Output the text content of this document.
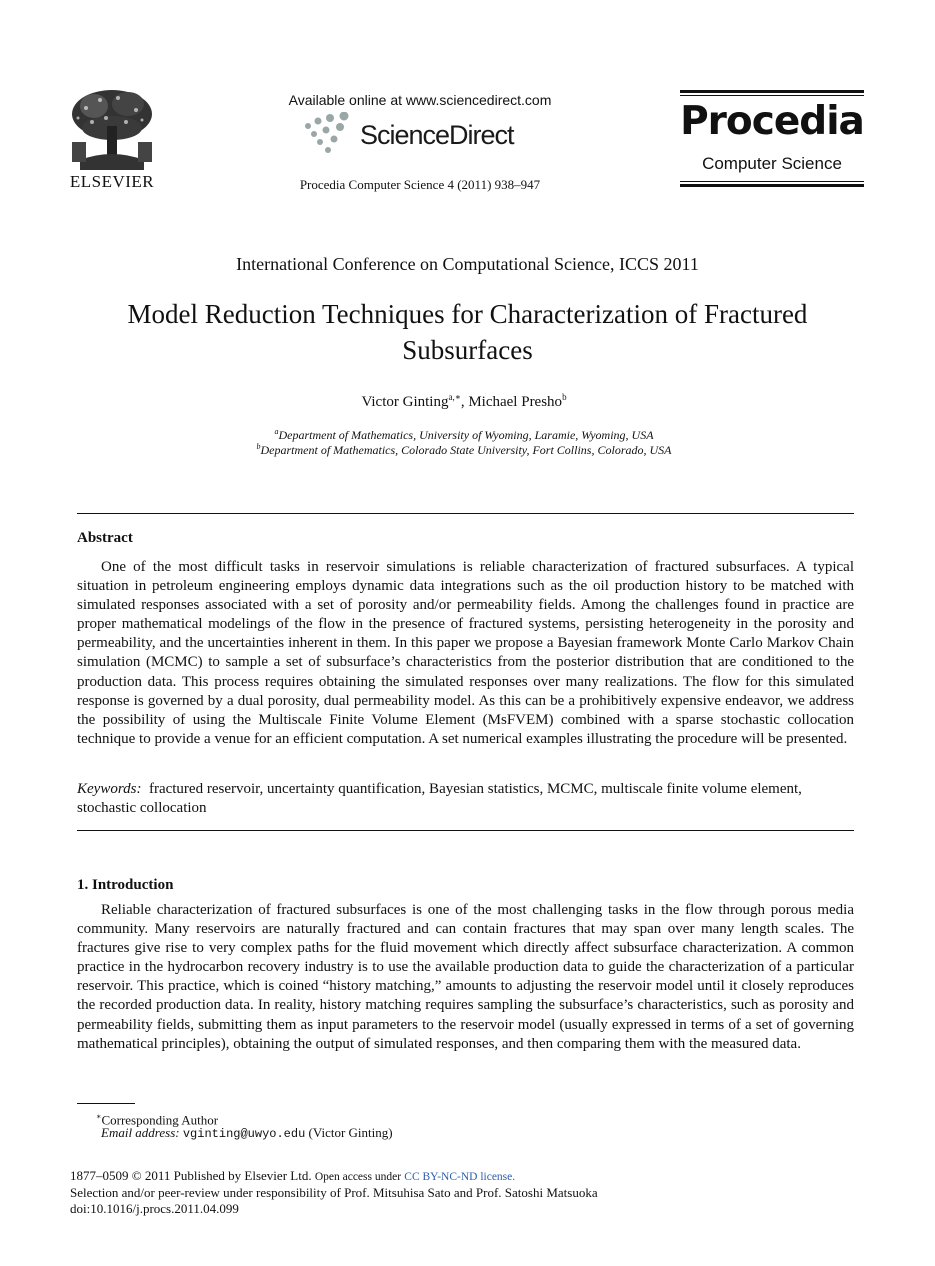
ELSEVIER
Available online at www.sciencedirect.com
ScienceDirect
Procedia Computer Science 4 (2011) 938–947
Procedia
Computer Science
International Conference on Computational Science, ICCS 2011
Model Reduction Techniques for Characterization of Fractured Subsurfaces
Victor Ginting$^{a,∗}$, Michael Presho$^b$
$^a$Department of Mathematics, University of Wyoming, Laramie, Wyoming, USA
$^b$Department of Mathematics, Colorado State University, Fort Collins, Colorado, USA
Abstract

One of the most difficult tasks in reservoir simulations is reliable characterization of fractured subsurfaces. A typical situation in petroleum engineering employs dynamic data integrations such as the oil production history to be matched with simulated responses associated with a set of porosity and/or permeability fields. Among the challenges found in practice are proper mathematical modelings of the flow in the presence of fractured systems, persisting heterogeneity in the porosity and permeability, and the uncertainties inherent in them. In this paper we propose a Bayesian framework Monte Carlo Markov Chain simulation (MCMC) to sample a set of subsurface’s characteristics from the posterior distribution that are conditioned to the production data. This process requires obtaining the simulated responses over many realizations. The flow for this simulated response is governed by a dual porosity, dual permeability model. As this can be a prohibitively expensive endeavor, we address the possibility of using the Multiscale Finite Volume Element (MsFVEM) combined with a sparse stochastic collocation technique to provide a venue for an efficient computation. A set numerical examples illustrating the procedure will be presented.

Keywords: fractured reservoir, uncertainty quantification, Bayesian statistics, MCMC, multiscale finite volume element, stochastic collocation

1. Introduction

Reliable characterization of fractured subsurfaces is one of the most challenging tasks in the flow through porous media community. Many reservoirs are naturally fractured and can contain fractures that may span over many length scales. The fractures give rise to very complex paths for the fluid movement which directly affect subsurface characterization. A common practice in the hydrocarbon recovery industry is to use the available production data to guide the characterization of a particular reservoir. This practice, which is coined “history matching,” amounts to adjusting the reservoir model until it closely reproduces the recorded production data. In reality, history matching requires sampling the subsurface’s characteristics, such as porosity and permeability fields, submitting them as input parameters to the reservoir model (usually expressed in terms of a set of governing mathematical principles), obtaining the output of simulated responses, and then comparing them with the measured data.

∗Corresponding Author
Email address: vginting@uwyo.edu (Victor Ginting)
1877–0509 © 2011 Published by Elsevier Ltd. Open access under CC BY-NC-ND license.
Selection and/or peer-review under responsibility of Prof. Mitsuhisa Sato and Prof. Satoshi Matsuoka
doi:10.1016/j.procs.2011.04.099
